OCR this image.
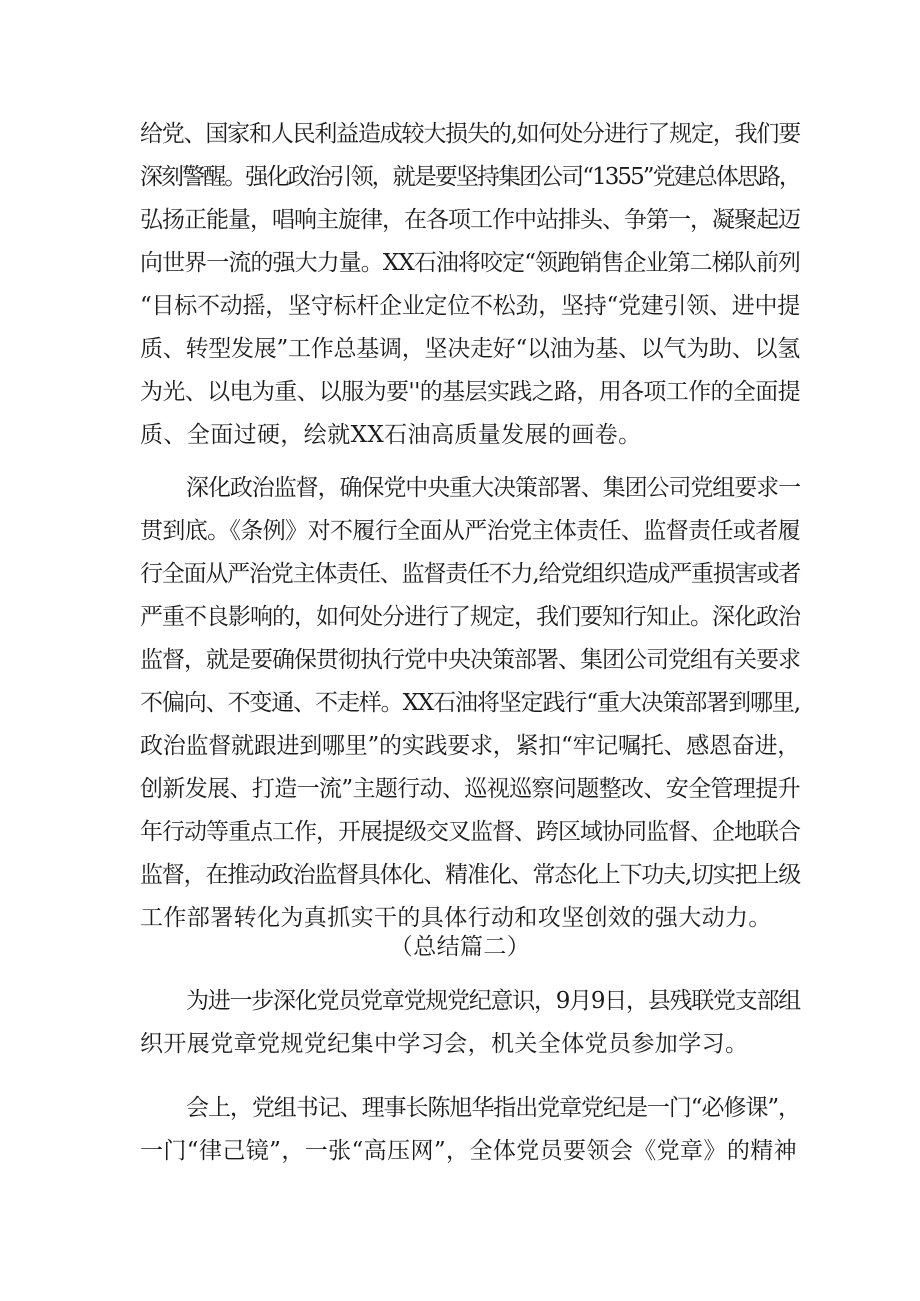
给党、国家和人民利益造成较大损失的,如何处分进行了规定，我们要
深刻警醒。强化政治引领，就是要坚持集团公司“1355”党建总体思路，
弘扬正能量，唱响主旋律，在各项工作中站排头、争第一，凝聚起迈
向世界一流的强大力量。XX石油将咬定“领跑销售企业第二梯队前列
“目标不动摇，坚守标杆企业定位不松劲，坚持“党建引领、进中提
质、转型发展”工作总基调，坚决走好“以油为基、以气为助、以氢
为光、以电为重、以服为要''的基层实践之路，用各项工作的全面提
质、全面过硬，绘就XX石油高质量发展的画卷。
深化政治监督，确保党中央重大决策部署、集团公司党组要求一
贯到底。《条例》对不履行全面从严治党主体责任、监督责任或者履
行全面从严治党主体责任、监督责任不力,给党组织造成严重损害或者
严重不良影响的，如何处分进行了规定，我们要知行知止。深化政治
监督，就是要确保贯彻执行党中央决策部署、集团公司党组有关要求
不偏向、不变通、不走样。XX石油将坚定践行“重大决策部署到哪里,
政治监督就跟进到哪里”的实践要求，紧扣“牢记嘱托、感恩奋进，
创新发展、打造一流”主题行动、巡视巡察问题整改、安全管理提升
年行动等重点工作，开展提级交叉监督、跨区域协同监督、企地联合
监督，在推动政治监督具体化、精准化、常态化上下功夫,切实把上级
工作部署转化为真抓实干的具体行动和攻坚创效的强大动力。
（总结篇二）
为进一步深化党员党章党规党纪意识，9月9日，县残联党支部组
织开展党章党规党纪集中学习会，机关全体党员参加学习。
会上，党组书记、理事长陈旭华指出党章党纪是一门“必修课”，
一门“律己镜”，一张“高压网”，全体党员要领会《党章》的精神
